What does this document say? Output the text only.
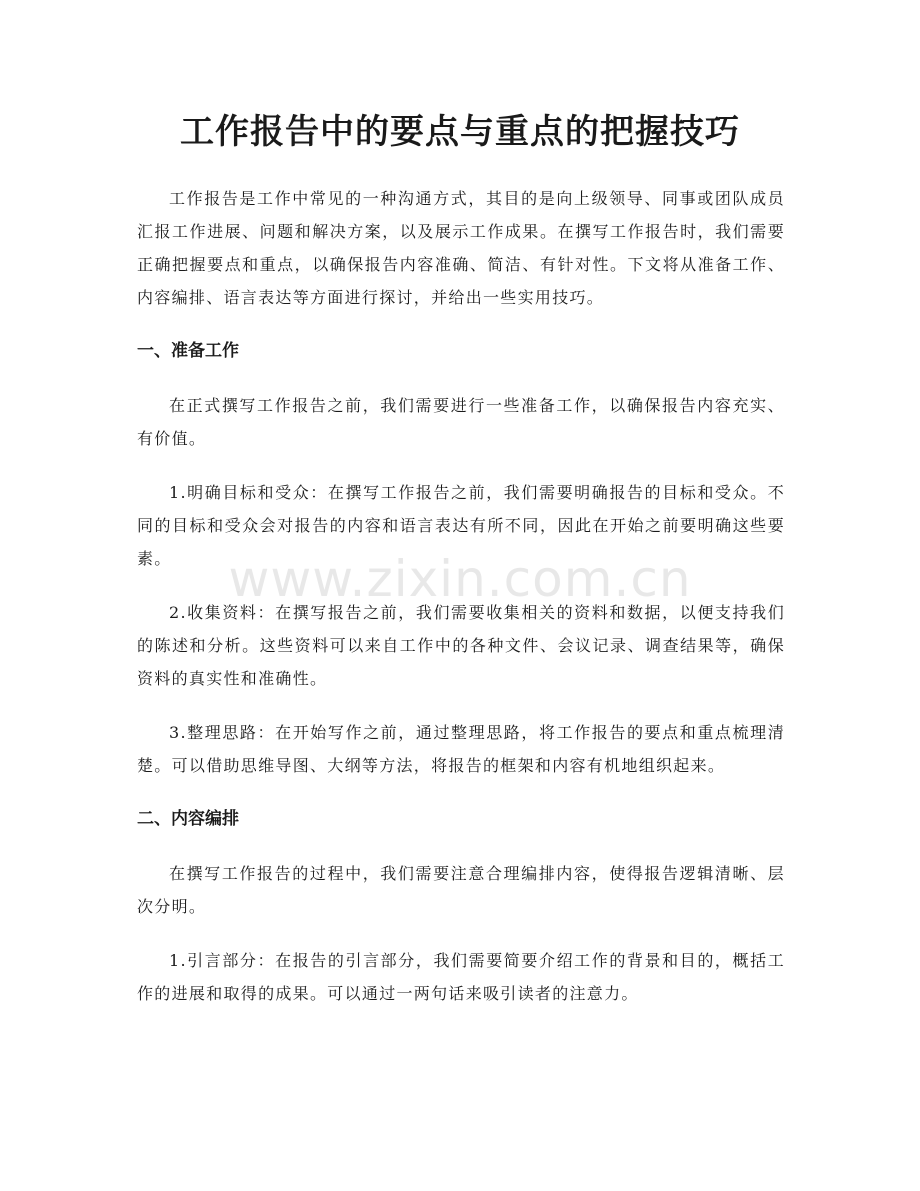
工作报告中的要点与重点的把握技巧
www.zixin.com.cn

工作报告是工作中常见的一种沟通方式，其目的是向上级领导、同事或团队成员汇报工作进展、问题和解决方案，以及展示工作成果。在撰写工作报告时，我们需要正确把握要点和重点，以确保报告内容准确、简洁、有针对性。下文将从准备工作、内容编排、语言表达等方面进行探讨，并给出一些实用技巧。

一、准备工作

在正式撰写工作报告之前，我们需要进行一些准备工作，以确保报告内容充实、有价值。

1.明确目标和受众：在撰写工作报告之前，我们需要明确报告的目标和受众。不同的目标和受众会对报告的内容和语言表达有所不同，因此在开始之前要明确这些要素。

2.收集资料：在撰写报告之前，我们需要收集相关的资料和数据，以便支持我们的陈述和分析。这些资料可以来自工作中的各种文件、会议记录、调查结果等，确保资料的真实性和准确性。

3.整理思路：在开始写作之前，通过整理思路，将工作报告的要点和重点梳理清楚。可以借助思维导图、大纲等方法，将报告的框架和内容有机地组织起来。

二、内容编排

在撰写工作报告的过程中，我们需要注意合理编排内容，使得报告逻辑清晰、层次分明。

1.引言部分：在报告的引言部分，我们需要简要介绍工作的背景和目的，概括工作的进展和取得的成果。可以通过一两句话来吸引读者的注意力。
